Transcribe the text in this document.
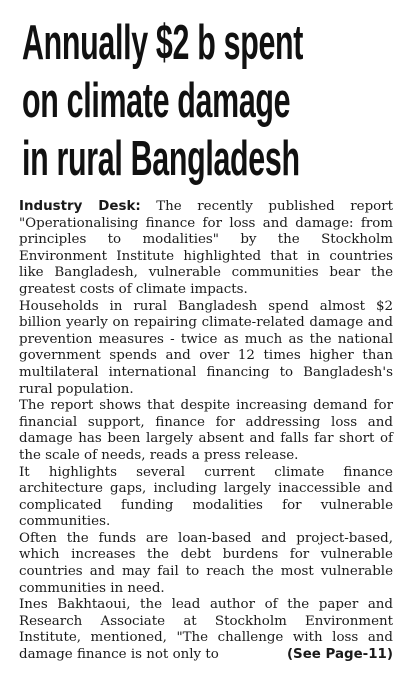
Annually $2 b spent
on climate damage
in rural Bangladesh

Industry Desk: The recently published report "Operationalising finance for loss and damage: from principles to modalities" by the Stockholm Environment Institute highlighted that in countries like Bangladesh, vulnerable communities bear the greatest costs of climate impacts.

Households in rural Bangladesh spend almost $2 billion yearly on repairing climate-related damage and prevention measures - twice as much as the national government spends and over 12 times higher than multilateral international financing to Bangladesh's rural population.

The report shows that despite increasing demand for financial support, finance for addressing loss and damage has been largely absent and falls far short of the scale of needs, reads a press release.

It highlights several current climate finance architecture gaps, including largely inaccessible and complicated funding modalities for vulnerable communities.

Often the funds are loan-based and project-based, which increases the debt burdens for vulnerable countries and may fail to reach the most vulnerable communities in need.

Ines Bakhtaoui, the lead author of the paper and Research Associate at Stockholm Environment Institute, mentioned, "The challenge with loss and damage finance is not only to	(See Page-11)
